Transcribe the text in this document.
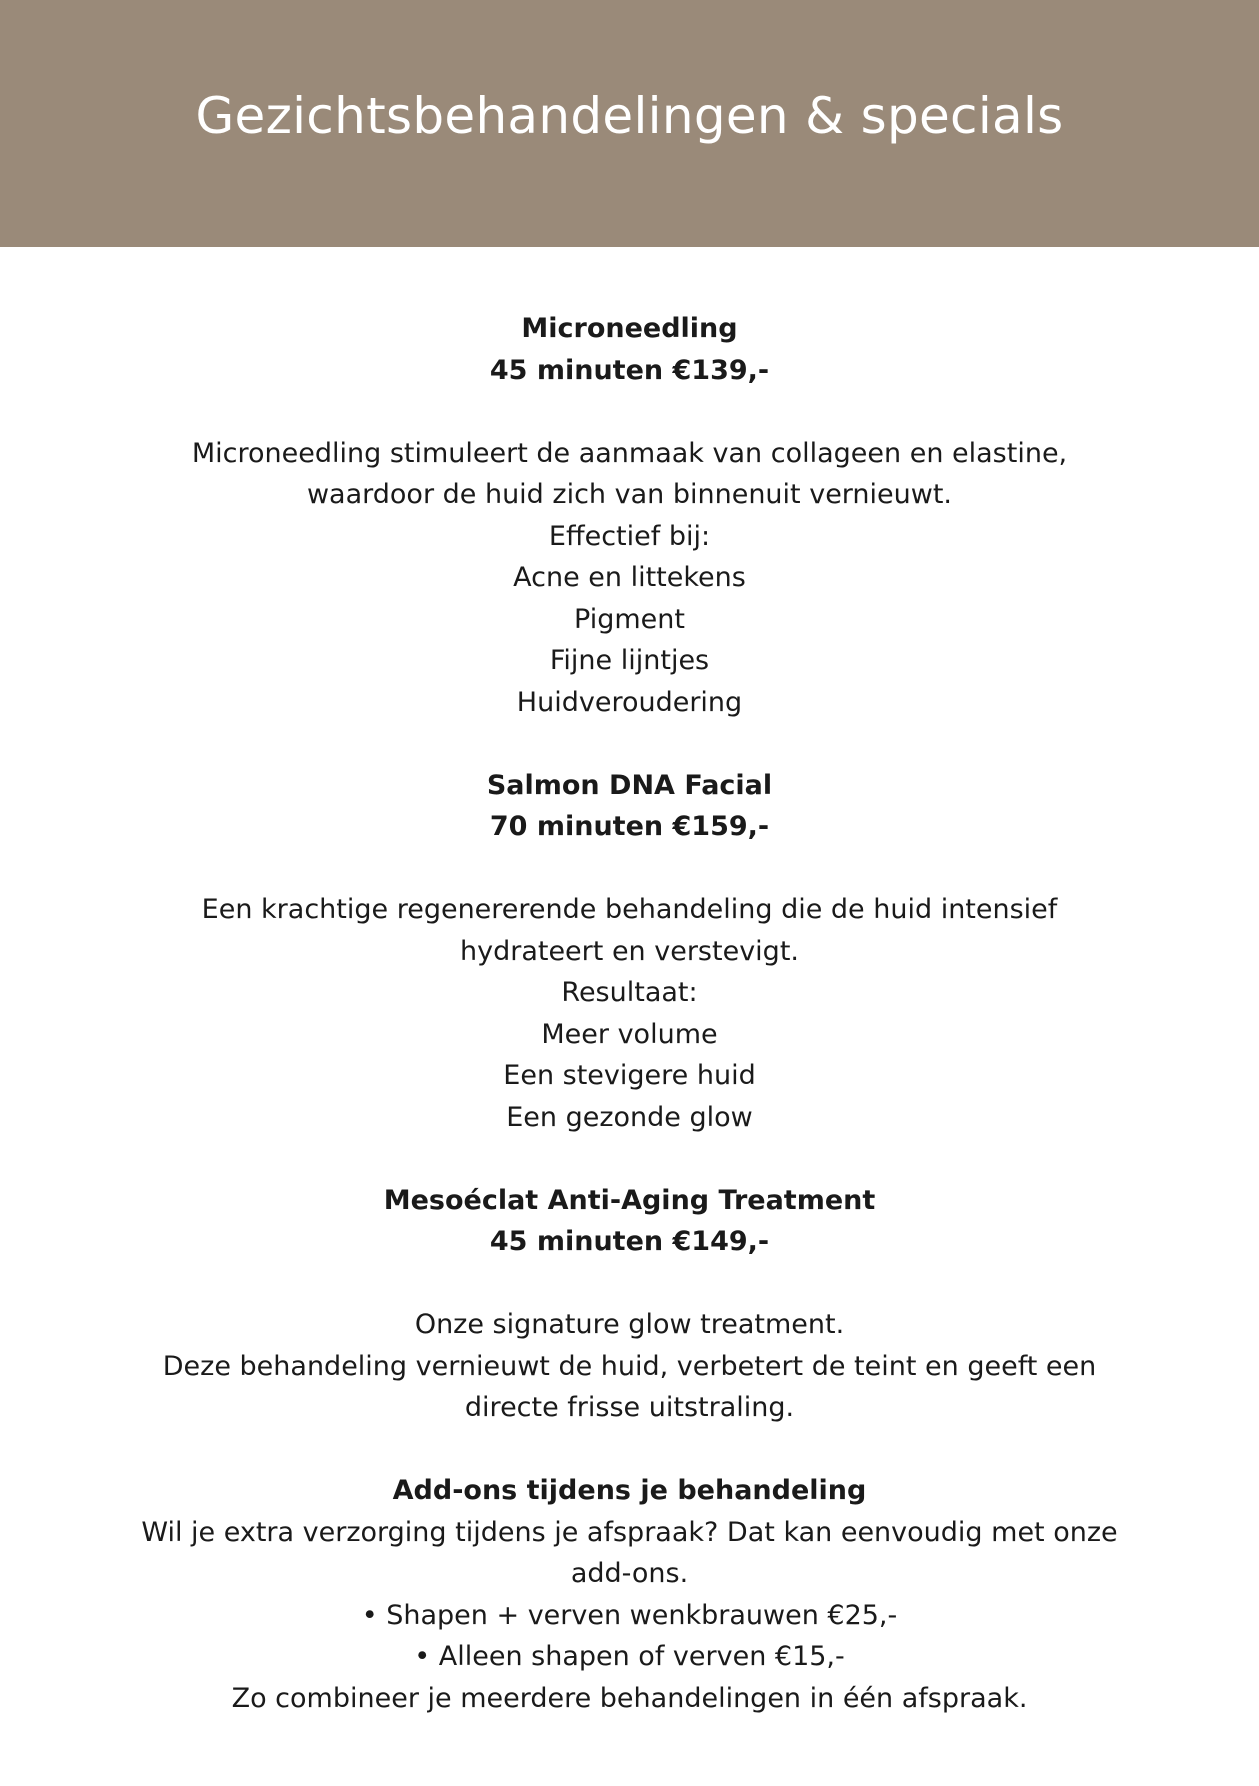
Gezichtsbehandelingen & specials
Microneedling
45 minuten €139,-
Microneedling stimuleert de aanmaak van collageen en elastine,
waardoor de huid zich van binnenuit vernieuwt.
Effectief bij:
Acne en littekens
Pigment
Fijne lijntjes
Huidveroudering
Salmon DNA Facial
70 minuten €159,-
Een krachtige regenererende behandeling die de huid intensief
hydrateert en verstevigt.
Resultaat:
Meer volume
Een stevigere huid
Een gezonde glow
Mesoéclat Anti-Aging Treatment
45 minuten €149,-
Onze signature glow treatment.
Deze behandeling vernieuwt de huid, verbetert de teint en geeft een
directe frisse uitstraling.
Add-ons tijdens je behandeling
Wil je extra verzorging tijdens je afspraak? Dat kan eenvoudig met onze
add-ons.
• Shapen + verven wenkbrauwen €25,-
• Alleen shapen of verven €15,-
Zo combineer je meerdere behandelingen in één afspraak.
